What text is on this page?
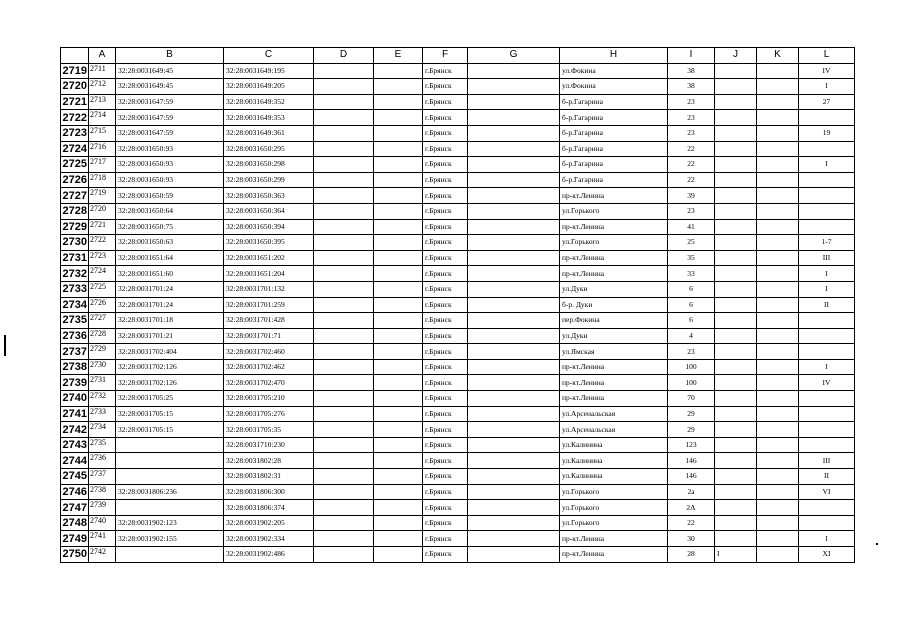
	A	B	C	D	E	F	G	H	I	J	K	L
2719	2711	32:28:0031649:45	32:28:0031649:195			г.Брянск		ул.Фокина	38			IV
2720	2712	32:28:0031649:45	32:28:0031649:205			г.Брянск		ул.Фокина	38			I
2721	2713	32:28:0031647:59	32:28:0031649:352			г.Брянск		б-р.Гагарина	23			27
2722	2714	32:28:0031647:59	32:28:0031649:353			г.Брянск		б-р.Гагарина	23			
2723	2715	32:28:0031647:59	32:28:0031649:361			г.Брянск		б-р.Гагарина	23			19
2724	2716	32:28:0031650:93	32:28:0031650:295			г.Брянск		б-р.Гагарина	22			
2725	2717	32:28:0031650:93	32:28:0031650:298			г.Брянск		б-р.Гагарина	22			I
2726	2718	32:28:0031650:93	32:28:0031650:299			г.Брянск		б-р.Гагарина	22			
2727	2719	32:28:0031650:59	32:28:0031650:363			г.Брянск		пр-кт.Ленина	39			
2728	2720	32:28:0031650:64	32:28:0031650:364			г.Брянск		ул.Горького	23			
2729	2721	32:28:0031650:75	32:28:0031650:394			г.Брянск		пр-кт.Ленина	41			
2730	2722	32:28:0031650:63	32:28:0031650:395			г.Брянск		ул.Горького	25			1-7
2731	2723	32:28:0031651:64	32:28:0031651:202			г.Брянск		пр-кт.Ленина	35			III
2732	2724	32:28:0031651:60	32:28:0031651:204			г.Брянск		пр-кт.Ленина	33			I
2733	2725	32:28:0031701:24	32:28:0031701:132			г.Брянск		ул.Дуки	6			I
2734	2726	32:28:0031701:24	32:28:0031701:259			г.Брянск		б-р. Дуки	6			II
2735	2727	32:28:0031701:18	32:28:0031701:428			г.Брянск		пер.Фокина	6			
2736	2728	32:28:0031701:21	32:28:0031701:71			г.Брянск		ул.Дуки	4			
2737	2729	32:28:0031702:404	32:28:0031702:460			г.Брянск		ул.Ямская	23			
2738	2730	32:28:0031702:126	32:28:0031702:462			г.Брянск		пр-кт.Ленина	100			I
2739	2731	32:28:0031702:126	32:28:0031702:470			г.Брянск		пр-кт.Ленина	100			IV
2740	2732	32:28:0031705:25	32:28:0031705:210			г.Брянск		пр-кт.Ленина	70			
2741	2733	32:28:0031705:15	32:28:0031705:276			г.Брянск		ул.Арсенальская	29			
2742	2734	32:28:0031705:15	32:28:0031705:35			г.Брянск		ул.Арсенальская	29			
2743	2735		32:28:0031710:230			г.Брянск		ул.Калинина	123			
2744	2736		32:28:0031802:28			г.Брянск		ул.Калинина	146			III
2745	2737		32:28:0031802:31			г.Брянск		ул.Калинина	146			II
2746	2738	32:28:0031806:236	32:28:0031806:300			г.Брянск		ул.Горького	2а			VI
2747	2739		32:28:0031806:374			г.Брянск		ул.Горького	2А			
2748	2740	32:28:0031902:123	32:28:0031902:205			г.Брянск		ул.Горького	22			
2749	2741	32:28:0031902:155	32:28:0031902:334			г.Брянск		пр-кт.Ленина	30			I
2750	2742		32:28:0031902:486			г.Брянск		пр-кт.Ленина	28	I		XI
